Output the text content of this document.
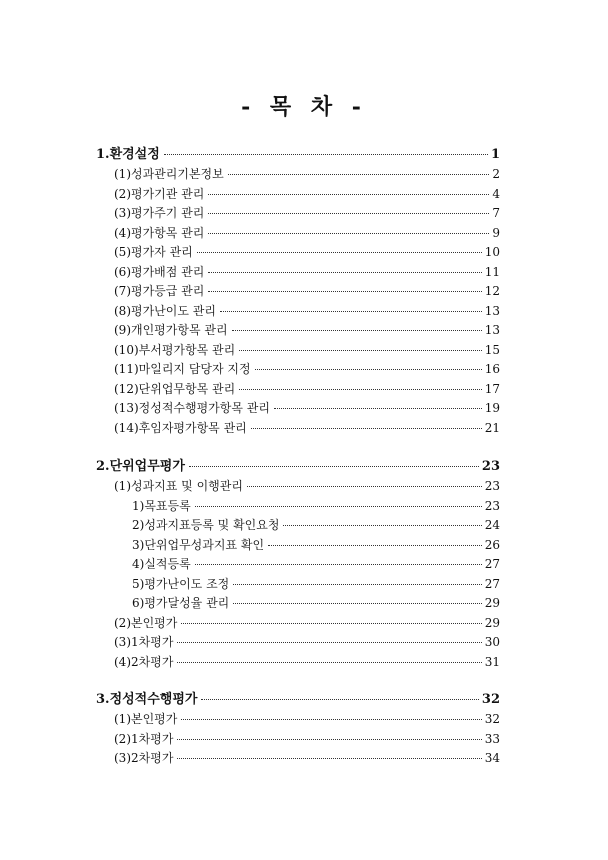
- 목 차 -
1.환경설정	1
(1)성과관리기본정보	2
(2)평가기관 관리	4
(3)평가주기 관리	7
(4)평가항목 관리	9
(5)평가자 관리	10
(6)평가배점 관리	11
(7)평가등급 관리	12
(8)평가난이도 관리	13
(9)개인평가항목 관리	13
(10)부서평가항목 관리	15
(11)마일리지 담당자 지정	16
(12)단위업무항목 관리	17
(13)정성적수행평가항목 관리	19
(14)후임자평가항목 관리	21
2.단위업무평가	23
(1)성과지표 및 이행관리	23
1)목표등록	23
2)성과지표등록 및 확인요청	24
3)단위업무성과지표 확인	26
4)실적등록	27
5)평가난이도 조정	27
6)평가달성율 관리	29
(2)본인평가	29
(3)1차평가	30
(4)2차평가	31
3.정성적수행평가	32
(1)본인평가	32
(2)1차평가	33
(3)2차평가	34
